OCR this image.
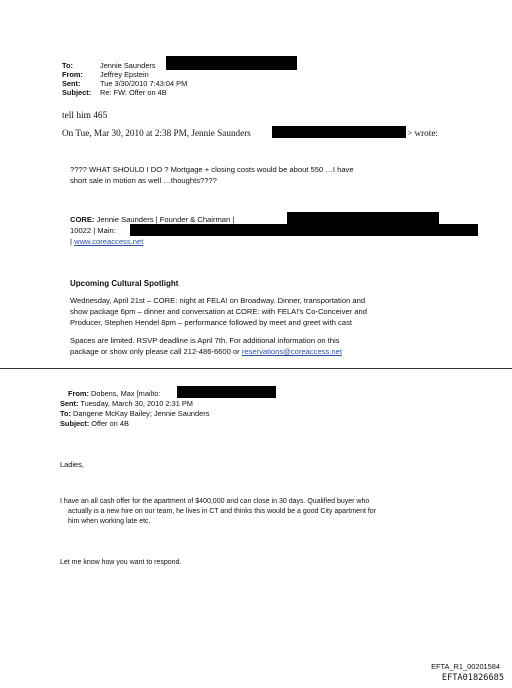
To:	Jennie Saunders
From: Jeffrey Epstein
Sent:	Tue 3/30/2010 7:43:04 PM
Subject: Re: FW: Offer on 4B
tell him 465
On Tue, Mar 30, 2010 at 2:38 PM, Jennie Saunders	> wrote:
???? WHAT SHOULD I DO ? Mortgage + closing costs would be about 550 …I have
short sale in motion as well …thoughts????
CORE: Jennie Saunders | Founder & Chairman |
10022 | Main:
| www.coreaccess.net
Upcoming Cultural Spotlight
Wednesday, April 21st – CORE: night at FELA! on Broadway. Dinner, transportation and
show package 6pm – dinner and conversation at CORE: with FELA!'s Co-Conceiver and
Producer, Stephen Hendel 8pm – performance followed by meet and greet with cast
Spaces are limited. RSVP deadline is April 7th. For additional information on this
package or show only please call 212-486-6600 or reservations@coreaccess.net
From: Dobens, Max [mailto:
Sent: Tuesday, March 30, 2010 2:31 PM
To: Dangene McKay Bailey; Jennie Saunders
Subject: Offer on 4B
Ladies,
I have an all cash offer for the apartment of $400,000 and can close in 30 days. Qualified buyer who
actually is a new hire on our team, he lives in CT and thinks this would be a good City apartment for
him when working late etc.
Let me know how you want to respond.
EFTA_R1_00201584
EFTA01826685
